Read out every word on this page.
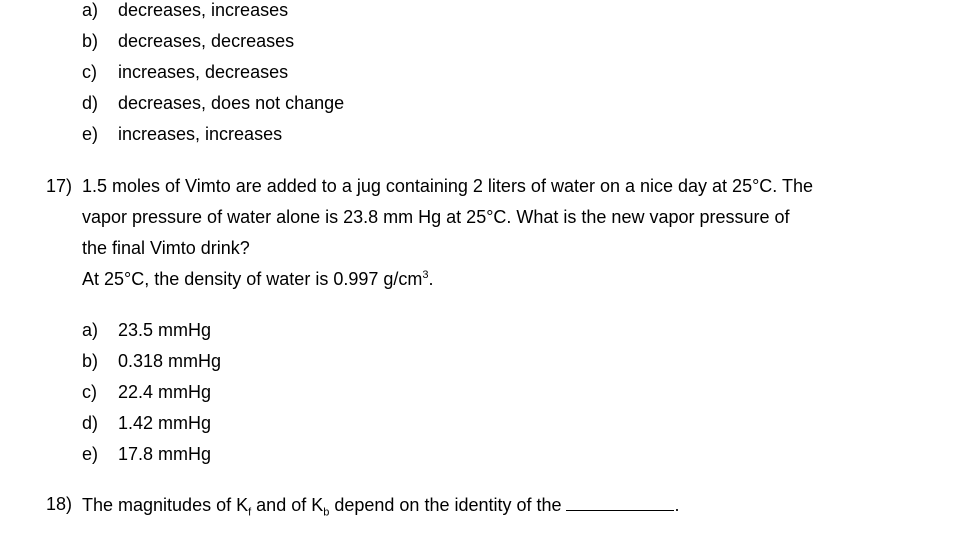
a) decreases, increases
b) decreases, decreases
c) increases, decreases
d) decreases, does not change
e) increases, increases
17) 1.5 moles of Vimto are added to a jug containing 2 liters of water on a nice day at 25°C. The
vapor pressure of water alone is 23.8 mm Hg at 25°C. What is the new vapor pressure of
the final Vimto drink?
At 25°C, the density of water is 0.997 $g/cm^3$.
a) 23.5 mmHg
b) 0.318 mmHg
c) 22.4 mmHg
d) 1.42 mmHg
e) 17.8 mmHg
18) The magnitudes of $K_f$ and of $K_b$ depend on the identity of the	.
